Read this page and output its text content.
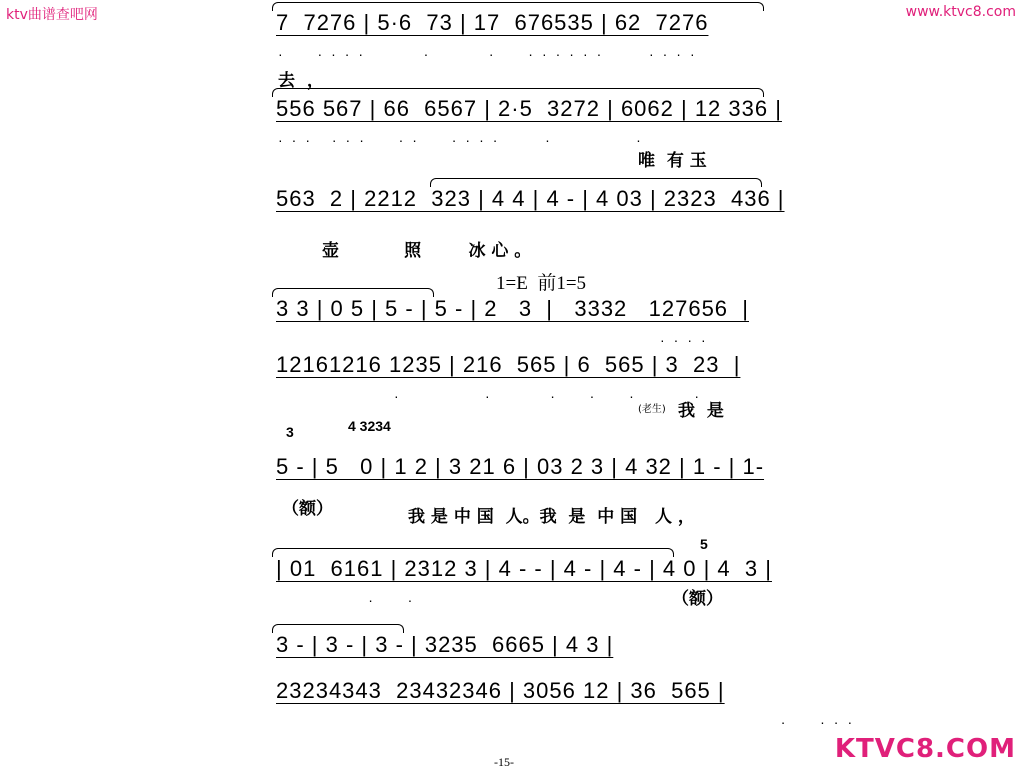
ktv曲谱查吧网	www.ktvc8.com
7  7276 | 5·6  73 | 17  676535 | 62  7276
·  ····    ·    ·  ······   ····
去  ，
556 567 | 66  6567 | 2·5  3272 | 6062 | 12 336 |
··· ···  ··  ····   ·      ·
唯  有 玉
563  2 | 2212  323 | 4 4 | 4 - | 4 03 | 2323  436 |
壶           照        冰 心 。
1=E  前1=5
3 3 | 0 5 | 5 - | 5 - | 2   3  |   3332   127656  |
····
12161216 1235 | 216  565 | 6  565 | 3  23  |
·      ·    ·  ·  ·    ·
(老生) 我  是
3	4 3234
5 - | 5   0 | 1 2 | 3 21 6 | 03 2 3 | 4 32 | 1 - | 1-
（额）	我 是 中 国  人。我  是  中 国   人 ，
5
| 01  6161 | 2312 3 | 4 - - | 4 - | 4 - | 4 0 | 4  3 |
·  ·	（额）
3 - | 3 - | 3 - | 3235  6665 | 4 3 |
23234343  23432346 | 3056 12 | 36  565 |
·  ···
-15-	KTVC8.COM
